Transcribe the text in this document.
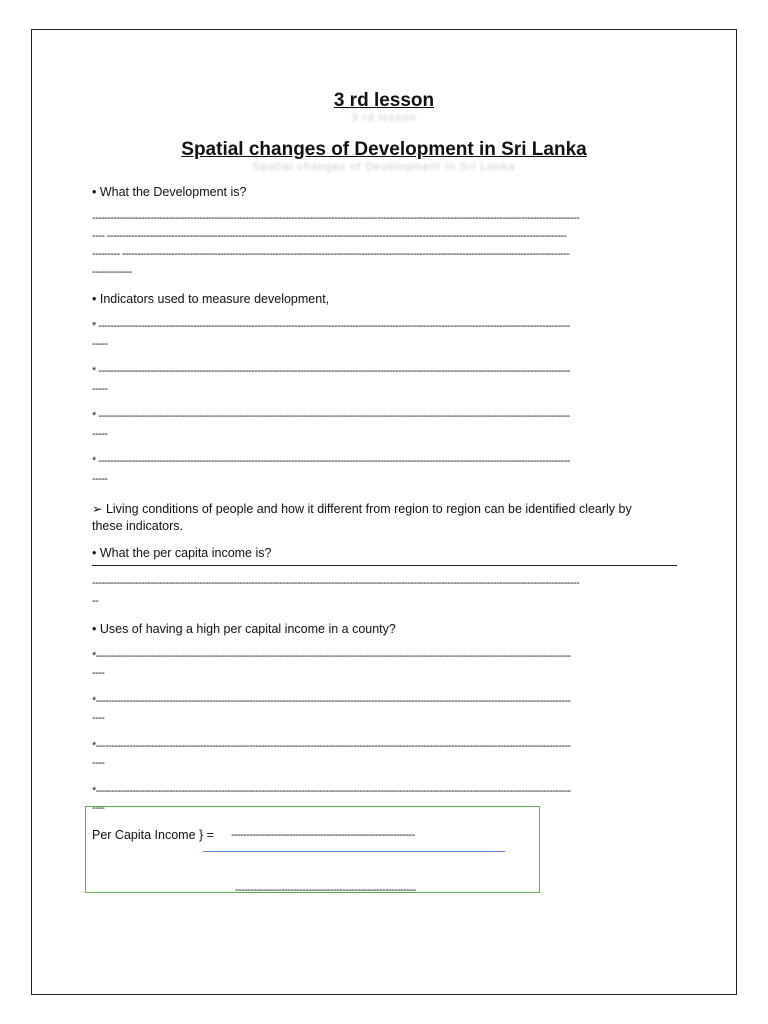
3 rd lesson
3 rd lesson
Spatial changes of Development in Sri Lanka
Spatial changes of Development in Sri Lanka
• What the Development is?
---------------------------------------------------------------------------------------------------------------------------------------------------------------
---- ------------------------------------------------------------------------------------------------------------------------------------------------------
--------- --------------------------------------------------------------------------------------------------------------------------------------------------
-------------
• Indicators used to measure development,
* ----------------------------------------------------------------------------------------------------------------------------------------------------------
-----
* ----------------------------------------------------------------------------------------------------------------------------------------------------------
-----
* ----------------------------------------------------------------------------------------------------------------------------------------------------------
-----
* ----------------------------------------------------------------------------------------------------------------------------------------------------------
-----
➢ Living conditions of people and how it different from region to region can be identified clearly by
these indicators.
• What the per capita income is?
---------------------------------------------------------------------------------------------------------------------------------------------------------------
--
• Uses of having a high per capital income in a county?
*-----------------------------------------------------------------------------------------------------------------------------------------------------------
----
*-----------------------------------------------------------------------------------------------------------------------------------------------------------
----
*-----------------------------------------------------------------------------------------------------------------------------------------------------------
----
*-----------------------------------------------------------------------------------------------------------------------------------------------------------
----
Per Capita Income } = ------------------------------------------------------------
-----------------------------------------------------------
